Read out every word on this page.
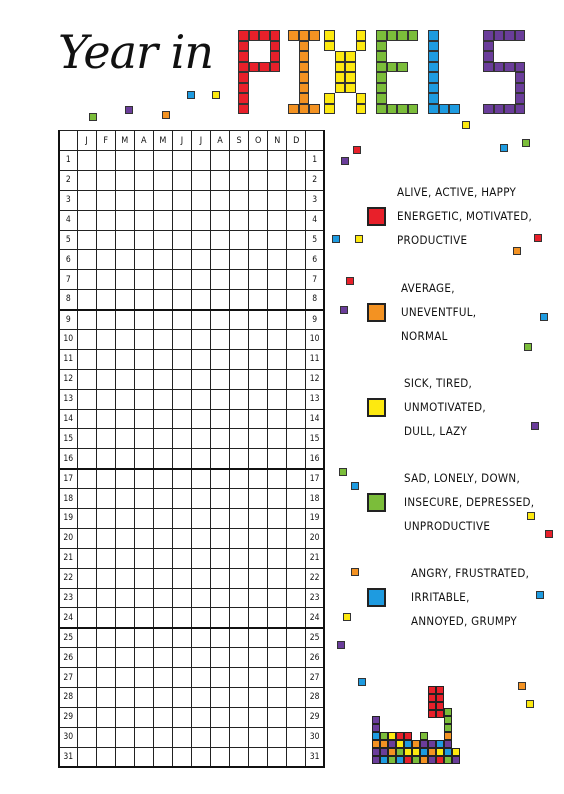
Year in
	J	F	M	A	M	J	J	A	S	O	N	D	
1													1
2													2
3													3
4													4
5													5
6													6
7													7
8													8
9													9
10													10
11													11
12													12
13													13
14													14
15													15
16													16
17													17
18													18
19													19
20													20
21													21
22													22
23													23
24													24
25													25
26													26
27													27
28													28
29													29
30													30
31													31
ALIVE, ACTIVE, HAPPY
ENERGETIC, MOTIVATED,
PRODUCTIVE
AVERAGE,
UNEVENTFUL,
NORMAL
SICK, TIRED,
UNMOTIVATED,
DULL, LAZY
SAD, LONELY, DOWN,
INSECURE, DEPRESSED,
UNPRODUCTIVE
ANGRY, FRUSTRATED,
IRRITABLE,
ANNOYED, GRUMPY
